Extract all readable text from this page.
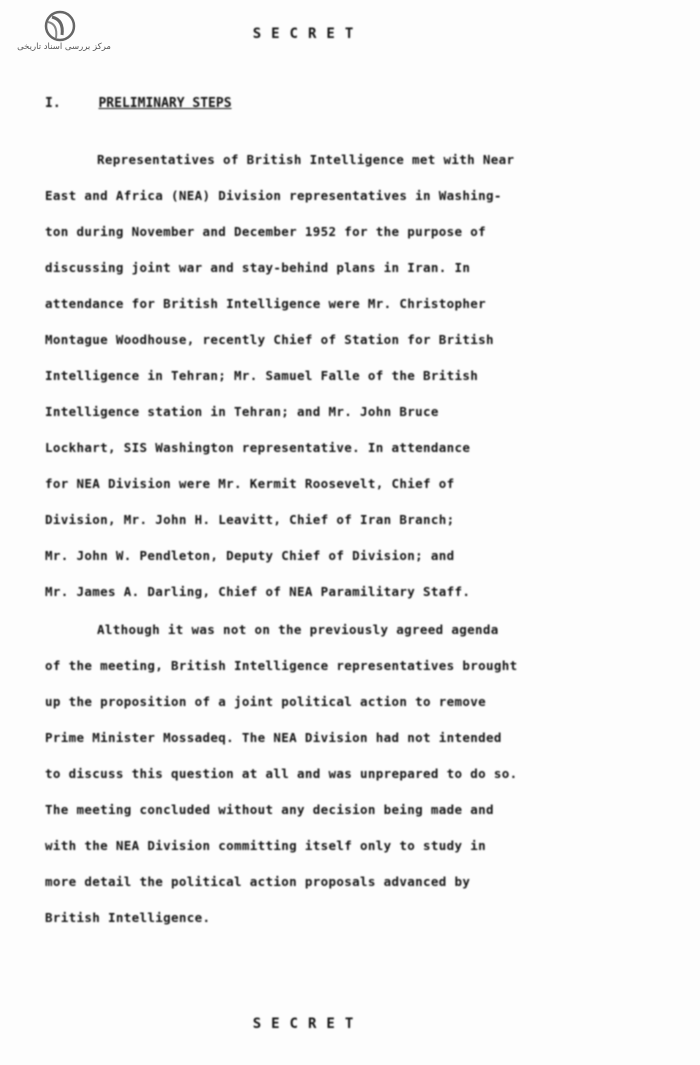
مرکز بررسی اسناد تاریخی
SECRET
I.	PRELIMINARY STEPS
Representatives of British Intelligence met with Near
East and Africa (NEA) Division representatives in Washing-
ton during November and December 1952 for the purpose of
discussing joint war and stay-behind plans in Iran. In
attendance for British Intelligence were Mr. Christopher
Montague Woodhouse, recently Chief of Station for British
Intelligence in Tehran; Mr. Samuel Falle of the British
Intelligence station in Tehran; and Mr. John Bruce
Lockhart, SIS Washington representative. In attendance
for NEA Division were Mr. Kermit Roosevelt, Chief of
Division, Mr. John H. Leavitt, Chief of Iran Branch;
Mr. John W. Pendleton, Deputy Chief of Division; and
Mr. James A. Darling, Chief of NEA Paramilitary Staff.
Although it was not on the previously agreed agenda
of the meeting, British Intelligence representatives brought
up the proposition of a joint political action to remove
Prime Minister Mossadeq. The NEA Division had not intended
to discuss this question at all and was unprepared to do so.
The meeting concluded without any decision being made and
with the NEA Division committing itself only to study in
more detail the political action proposals advanced by
British Intelligence.
SECRET
